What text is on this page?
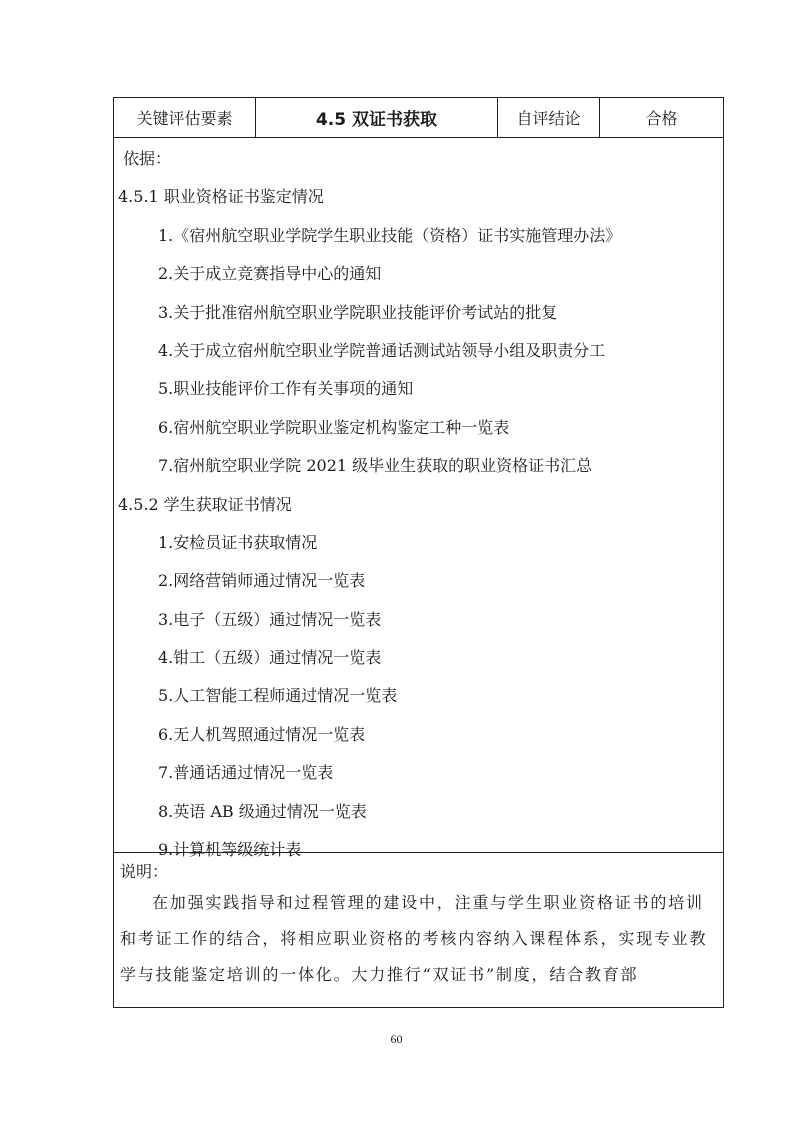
关键评估要素	4.5 双证书获取	自评结论	合格
依据：
4.5.1 职业资格证书鉴定情况
1.《宿州航空职业学院学生职业技能（资格）证书实施管理办法》
2.关于成立竞赛指导中心的通知
3.关于批准宿州航空职业学院职业技能评价考试站的批复
4.关于成立宿州航空职业学院普通话测试站领导小组及职责分工
5.职业技能评价工作有关事项的通知
6.宿州航空职业学院职业鉴定机构鉴定工种一览表
7.宿州航空职业学院 2021 级毕业生获取的职业资格证书汇总
4.5.2 学生获取证书情况
1.安检员证书获取情况
2.网络营销师通过情况一览表
3.电子（五级）通过情况一览表
4.钳工（五级）通过情况一览表
5.人工智能工程师通过情况一览表
6.无人机驾照通过情况一览表
7.普通话通过情况一览表
8.英语 AB 级通过情况一览表
9.计算机等级统计表
说明：

在加强实践指导和过程管理的建设中，注重与学生职业资格证书的培训和考证工作的结合，将相应职业资格的考核内容纳入课程体系，实现专业教学与技能鉴定培训的一体化。大力推行“双证书”制度，结合教育部

60
